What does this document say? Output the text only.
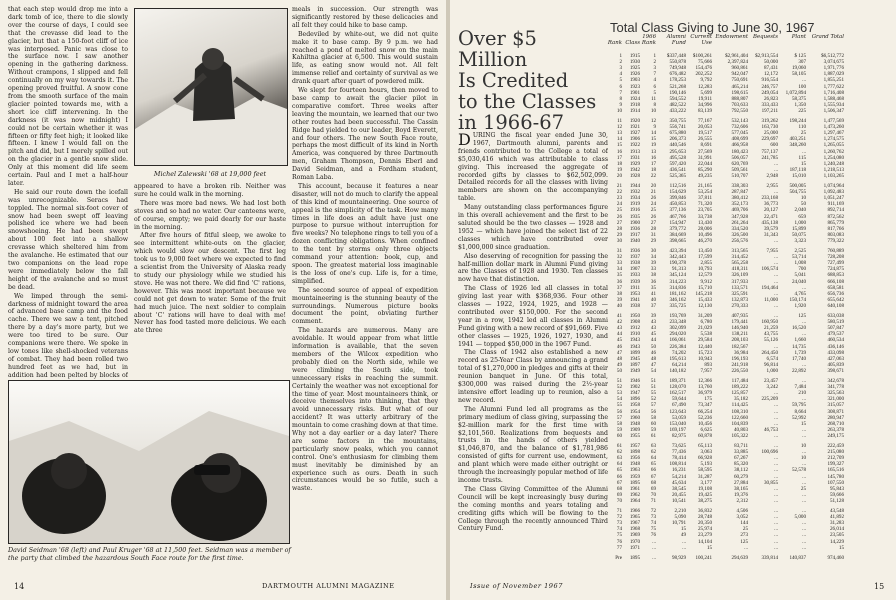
that each step would drop me into a dark tomb of ice, there to die slowly over the course of days, I could see that the crevasse did lead to the glacier, but that a 150-foot cliff of ice was interposed. Panic was close to the surface now. I saw another opening in the gathering darkness. Without crampons, I slipped and fell continually on my way towards it. The opening proved fruitful. A snow cone from the smooth surface of the main glacier pointed towards me, with a short ice cliff intervening. In the darkness (it was now midnight) I could not be certain whether it was fifteen or fifty feet high; it looked like fifteen. I knew I would fall on the pitch and did, but I merely spilled out on the glacier in a gentle snow slide. Only at this moment did life seem certain. Paul and I met a half-hour later.

He said our route down the icefall was unrecognizable. Seracs had toppled. The normal six-foot cover of snow had been swept off leaving polished ice where we had been snowshoeing. He had been swept about 100 feet into a shallow crevasse which sheltered him from the avalanche. He estimated that our two companions on the lead rope were immediately below the fall height of the avalanche and so must be dead.

We limped through the semi-darkness of midnight toward the area of advanced base camp and the food cache. There we saw a tent, pitched there by a day's more party, but we were too tired to be sure. Our companions were there. We spoke in low tones like shell-shocked veterans of combat. They had been rolled two hundred feet as we had, but in addition had been pelted by blocks of

Michel Zalewski '68 at 19,000 feet

appeared to have a broken rib. Neither was sure he could walk in the morning.

There was more bad news. We had lost both stoves and so had no water. Our canteens were, of course, empty; we paid dearly for our haste in the morning.

After five hours of fitful sleep, we awoke to see intermittent white-outs on the glacier, which would slow our descent. The first leg took us to 9,000 feet where we expected to find a scientist from the University of Alaska ready to study our physiology while we studied his stove. He was not there. We did find 'C' rations, however. This was most important because we could not get down to water. Some of the fruit had much juice. The next soldier to complain about 'C' rations will have to deal with me! Never has food tasted more delicious. We each ate three

meals in succession. Our strength was significantly restored by these delicacies and all felt they could hike to base camp.

Bedeviled by white-out, we did not quite make it to base camp. By 9 p.m. we had reached a pond of melted snow on the main Kahiltna glacier at 6,500. This would sustain life, as eating snow would not. All felt immense relief and certainty of survival as we drank quart after quart of powdered milk.

We slept for fourteen hours, then moved to base camp to await the glacier pilot in comparative comfort. Three weeks after leaving the mountain, we learned that our two other routes had been successful. The Cassin Ridge had yielded to our leader, Boyd Everett, and four others. The new South Face route, perhaps the most difficult of its kind in North America, was conquered by three Dartmouth men, Graham Thompson, Dennis Eberl and David Seidman, and a Fordham student, Roman Laba.

This account, because it features a near disaster, will not do much to clarify the appeal of this kind of mountaineering. One source of appeal is the simplicity of the task. How many times in life does an adult have just one purpose to pursue without interruption for five weeks? No telephone rings to tell you of a dozen conflicting obligations. When confined to the tent by storms only three objects command your attention: book, cup, and spoon. The greatest material loss imaginable is the loss of one's cup. Life is, for a time, simplified.

The second source of appeal of expedition mountaineering is the stunning beauty of the surroundings. Numerous picture books document the point, obviating further comment.

The hazards are numerous. Many are avoidable. It would appear from what little information is available, that the seven members of the Wilcox expedition who probably died on the North side, while we were climbing the South side, took unnecessary risks in reaching the summit. Certainly the weather was not exceptional for the time of year. Most mountaineers think, or deceive themselves into thinking, that they avoid unnecessary risks. But what of our accident? It was utterly arbitrary of the mountain to come crashing down at that time. Why not a day earlier or a day later? There are some factors in the mountains, particularly snow peaks, which you cannot control. One's enthusiasm for climbing them must inevitably be diminished by an experience such as ours. Death in such circumstances would be so futile, such a waste.

David Seidman '68 (left) and Paul Kruger '68 at 11,500 feet. Seidman was a member of the party that climbed the hazardous South Face route for the first time.
14	DARTMOUTH ALUMNI MAGAZINE
Over $5 Million
Is Credited
to the Classes
in 1966-67

DURING the fiscal year ended June 30, 1967, Dartmouth alumni, parents and friends contributed to the College a total of $5,030,416 which was attributable to class giving. This increased the aggregate of recorded gifts by classes to $62,502,099. Detailed records for all the classes with living members are shown on the accompanying table.

Many outstanding class performances figure in this overall achievement and the first to be saluted should be the two classes — 1928 and 1952 — which have joined the select list of 22 classes which have contributed over $1,000,000 since graduation.

Also deserving of recognition for passing the half-million dollar mark in Alumni Fund giving are the Classes of 1928 and 1930. Ten classes now have that distinction.

The Class of 1926 led all classes in total giving last year with $368,936. Four other classes — 1922, 1924, 1925, and 1928 — contributed over $150,000. For the second year in a row, 1942 led all classes in Alumni Fund giving with a new record of $91,669. Five other classes — 1925, 1926, 1927, 1930, and 1941 — topped $50,000 in the 1967 Fund.

The Class of 1942 also established a new record as 25-Year Class by announcing a grand total of $1,270,000 in pledges and gifts at their reunion banquet in June. Of this total, $300,000 was raised during the 2½-year intensive effort leading up to reunion, also a new record.

The Alumni Fund led all programs as the primary medium of class giving, surpassing the $2-million mark for the first time with $2,101,560. Realizations from bequests and trusts in the hands of others yielded $1,046,870, and the balance of $1,781,986 consisted of gifts for current use, endowment, and plant which were made either outright or through the increasingly popular method of life income trusts.

The Class Giving Committee of the Alumni Council will be kept increasingly busy during the coming months and years totaling and crediting gifts which will be flowing to the College through the recently announced Third Century Fund.

Total Class Giving to June 30, 1967
Rank Class
1966 Rank
Alumni Fund
Current Use
Endowment Bequests	Plant	Grand Total
1	1915	1	$337,448	$100,261	$2,961,404	$2,913,554	$ 125	$6,512,772
2	1930	2	550,878	75,666	2,397,824	50,000	307	3,074,675
3	1925	3	749,948	154,476	960,861	87,431	19,060	1,971,776
4	1926	7	676,482	202,252	942,047	12,172	58,105	1,887,029
5	1903	4	178,253	9,792	750,691	916,554	...	1,855,251
6	1923	6	521,268	12,283	465,214	246,757	100	1,777,622
7	1901	5	190,146	5,699	198,615	249,054	1,072,894	1,716,408
8	1924	11	594,552	19,911	888,807	26,823	58,375	1,588,468
9	1918	8	482,522	34,996	703,633	333,433	1,350	1,555,934
10	1914	10	433,222	83,139	792,550	197,211	225	1,506,347
11	1920	12	350,755	77,167	532,143	319,262	198,244	1,477,569
12	1921	9	556,741	20,053	732,606	163,730	110	1,473,260
13	1927	14	675,880	19,517	577,045	25,000	25	1,297,467
14	1906	15	206,373	26,555	408,699	229,697	403,251	1,274,575
15	1922	19	440,546	8,691	466,958	600	348,260	1,265,055
16	1913	13	295,653	27,569	180,423	757,137	...	1,260,762
17	1931	16	495,528	31,991	506,057	241,785	115	1,254,080
18	1929	17	597,420	22,044	620,769	...	15	1,240,248
19	1942	18	436,541	85,290	509,561	...	187,118	1,218,513
20	1928	22	525,365	49,235	510,707	2,948	15,010	1,103,265
21	1944	20	112,516	21,165	338,303	2,955	500,005	1,074,964
22	1932	21	154,629	53,254	287,847	...	504,755	1,092,483
23	1934	26	399,846	37,811	380,412	233,168	10	1,051,247
24	1919	24	450,853	71,320	352,173	36,773	50	911,169
25	1916	25	377,136	23,705	469,706	20,127	2,040	892,714
26	1935	26	467,766	33,738	347,928	22,471	659	872,562
27	1900	27	154,947	13,430	261,264	435,138	1,000	865,779
28	1936	28	379,772	28,006	334,520	39,579	15,899	817,766
29	1917	31	384,669	10,496	326,500	31,343	50,075	803,083
30	1940	29	398,665	46,270	256,576	...	3,323	779,322
31	1936	30	423,394	13,450	313,565	7,955	2,525	760,889
32	1937	34	342,443	17,599	314,452	...	53,714	728,208
33	1938	39	190,378	2,855	565,258	...	1,008	727,499
34	1907	33	91,313	10,793	418,311	106,574	700	724,875
35	1933	38	345,124	12,579	326,109	...	5,041	688,853
36	1939	36	314,223	9,912	317,933	...	24,040	666,108
37	1911	35	314,836	15,710	133,571	194,464	...	658,581
38	1953	41	181,162	145,218	325,591	...	4,765	656,736
39	1941	40	346,162	15,433	132,873	11,000	150,174	655,642
40	1938	37	335,725	12,130	270,333	...	1,920	640,108
41	1950	39	193,769	31,209	407,935	...	125	633,038
42	1908	43	233,348	6,780	179,441	160,950	...	580,519
43	1912	43	302,099	21,029	146,940	21,259	16,520	507,847
44	1910	45	294,020	5,538	138,211	43,755	...	479,537
45	1943	44	166,061	29,584	208,103	55,126	1,660	460,534
46	1943	50	226,384	12,440	182,567	...	14,735	436,146
47	1899	46	74,202	15,723	36,984	264,450	1,739	433,098
48	1945	48	195,613	10,943	196,193	6,574	17,740	427,063
49	1897	47	64,214	893	241,918	96,814	...	405,839
50	1949	54	140,182	7,957	226,550	1,000	22,892	398,671
51	1946	51	189,371	12,366	117,484	23,457	...	342,678
52	1902	51	128,070	13,760	189,222	3,242	7,484	341,778
53	1947	55	162,517	36,979	125,857	...	210	325,563
54	1896	52	59,644	175	35,182	225,209	...	321,000
55	1958	57	67,490	73,347	114,425	...	59,795	315,057
56	1954	56	123,643	66,254	108,310	...	8,664	308,871
57	1960	58	53,059	52,236	122,660	...	52,992	280,947
58	1948	60	153,040	10,456	104,839	...	15	268,710
59	1909	59	169,197	6,625	40,803	46,753	...	263,378
60	1955	61	82,975	60,878	105,322	...	...	249,175
61	1957	63	73,625	65,113	83,711	...	10	222,459
62	1898	62	77,436	3,063	33,885	100,696	...	215,080
63	1956	64	78,414	66,928	67,267	...	10	212,709
64	1948	65	108,814	5,193	85,320	...	...	199,327
65	1963	66	16,231	58,595	38,112	...	52,578	165,516
66	1959	67	54,214	31,287	60,279	...	...	145,780
67	1895	68	45,634	3,177	27,884	30,855	...	107,550
68	1961	69	38,545	19,108	38,165	...	25	95,843
69	1962	70	20,455	19,425	19,376	...	...	59,666
70	1964	71	10,541	38,275	2,312	...	...	51,128
71	1966	72	2,210	36,832	4,506	...	...	43,548
72	1965	73	5,090	28,748	3,052	...	5,000	41,892
73	1967	74	10,791	20,350	144	...	...	31,283
74	1968	75	15	25,974	25	...	...	26,014
75	1969	76	49	23,279	273	...	...	23,505
76	1970	...	...	14,104	125	...	...	14,229
77	1971	...	...	15	...	...	...	15
Pre	1895	...	98,929	100,241	294,639	339,814	140,837	974,460
Issue of November 1967	15
